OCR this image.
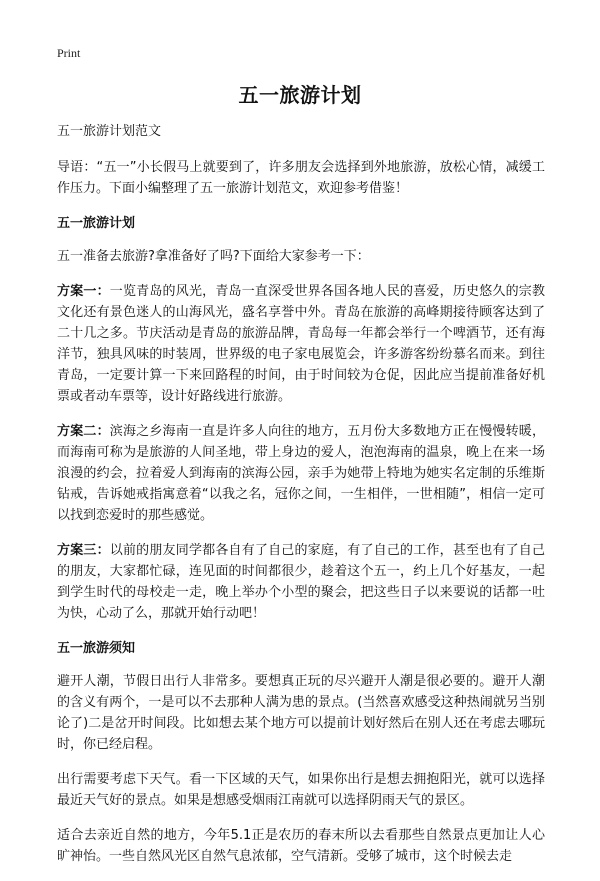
Print
五一旅游计划

五一旅游计划范文

导语：“五一”小长假马上就要到了，许多朋友会选择到外地旅游，放松心情，减缓工作压力。下面小编整理了五一旅游计划范文，欢迎参考借鉴！

五一旅游计划

五一准备去旅游?拿准备好了吗?下面给大家参考一下：

方案一：一览青岛的风光，青岛一直深受世界各国各地人民的喜爱，历史悠久的宗教文化还有景色迷人的山海风光，盛名享誉中外。青岛在旅游的高峰期接待顾客达到了二十几之多。节庆活动是青岛的旅游品牌，青岛每一年都会举行一个啤酒节，还有海洋节，独具风味的时装周，世界级的电子家电展览会，许多游客纷纷慕名而来。到往青岛，一定要计算一下来回路程的时间，由于时间较为仓促，因此应当提前准备好机票或者动车票等，设计好路线进行旅游。

方案二：滨海之乡海南一直是许多人向往的地方，五月份大多数地方正在慢慢转暖，而海南可称为是旅游的人间圣地，带上身边的爱人，泡泡海南的温泉，晚上在来一场浪漫的约会，拉着爱人到海南的滨海公园，亲手为她带上特地为她实名定制的乐维斯钻戒，告诉她戒指寓意着“以我之名，冠你之间，一生相伴，一世相随”，相信一定可以找到恋爱时的那些感觉。

方案三：以前的朋友同学都各自有了自己的家庭，有了自己的工作，甚至也有了自己的朋友，大家都忙碌，连见面的时间都很少，趁着这个五一，约上几个好基友，一起到学生时代的母校走一走，晚上举办个小型的聚会，把这些日子以来要说的话都一吐为快，心动了么，那就开始行动吧！

五一旅游须知

避开人潮，节假日出行人非常多。要想真正玩的尽兴避开人潮是很必要的。避开人潮的含义有两个，一是可以不去那种人满为患的景点。(当然喜欢感受这种热闹就另当别论了)二是岔开时间段。比如想去某个地方可以提前计划好然后在别人还在考虑去哪玩时，你已经启程。

出行需要考虑下天气。看一下区域的天气，如果你出行是想去拥抱阳光，就可以选择最近天气好的景点。如果是想感受烟雨江南就可以选择阴雨天气的景区。

适合去亲近自然的地方，今年5.1正是农历的春末所以去看那些自然景点更加让人心旷神怡。一些自然风光区自然气息浓郁，空气清新。受够了城市，这个时候去走
